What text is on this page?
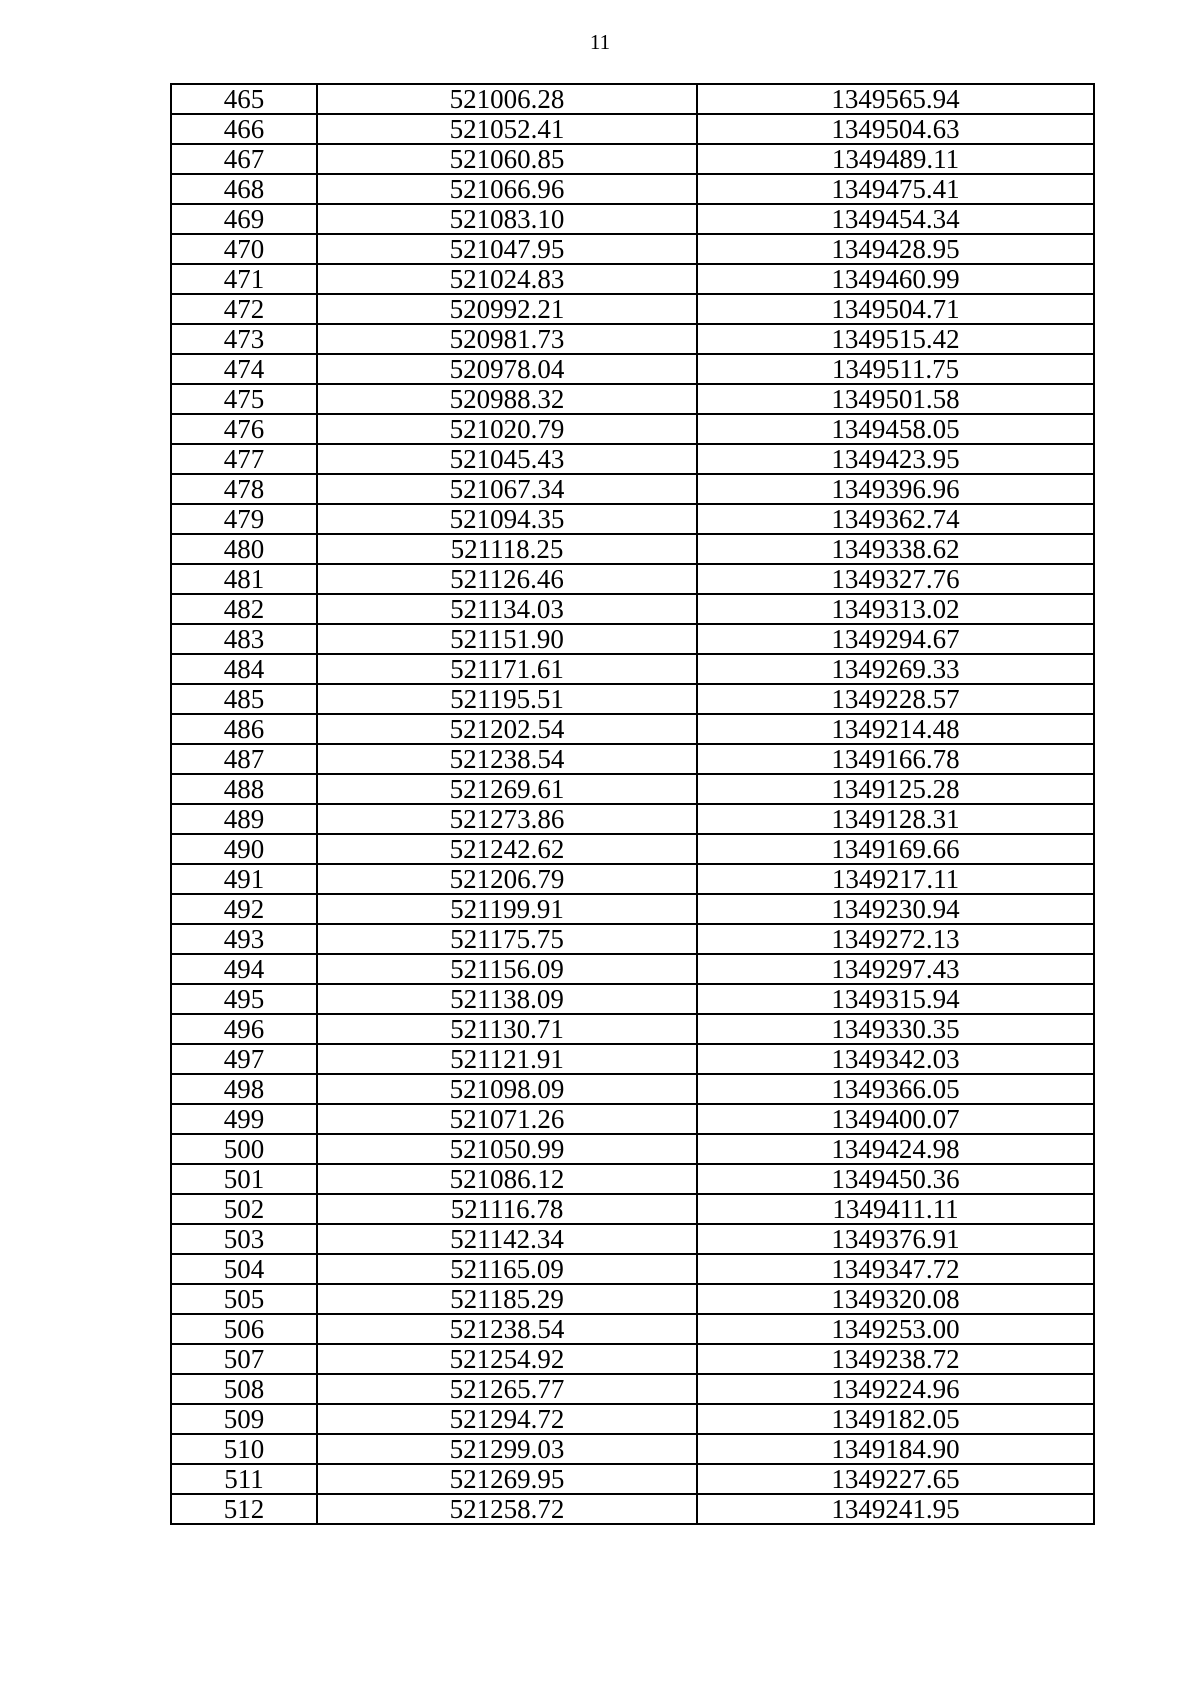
11
465	521006.28	1349565.94
466	521052.41	1349504.63
467	521060.85	1349489.11
468	521066.96	1349475.41
469	521083.10	1349454.34
470	521047.95	1349428.95
471	521024.83	1349460.99
472	520992.21	1349504.71
473	520981.73	1349515.42
474	520978.04	1349511.75
475	520988.32	1349501.58
476	521020.79	1349458.05
477	521045.43	1349423.95
478	521067.34	1349396.96
479	521094.35	1349362.74
480	521118.25	1349338.62
481	521126.46	1349327.76
482	521134.03	1349313.02
483	521151.90	1349294.67
484	521171.61	1349269.33
485	521195.51	1349228.57
486	521202.54	1349214.48
487	521238.54	1349166.78
488	521269.61	1349125.28
489	521273.86	1349128.31
490	521242.62	1349169.66
491	521206.79	1349217.11
492	521199.91	1349230.94
493	521175.75	1349272.13
494	521156.09	1349297.43
495	521138.09	1349315.94
496	521130.71	1349330.35
497	521121.91	1349342.03
498	521098.09	1349366.05
499	521071.26	1349400.07
500	521050.99	1349424.98
501	521086.12	1349450.36
502	521116.78	1349411.11
503	521142.34	1349376.91
504	521165.09	1349347.72
505	521185.29	1349320.08
506	521238.54	1349253.00
507	521254.92	1349238.72
508	521265.77	1349224.96
509	521294.72	1349182.05
510	521299.03	1349184.90
511	521269.95	1349227.65
512	521258.72	1349241.95
